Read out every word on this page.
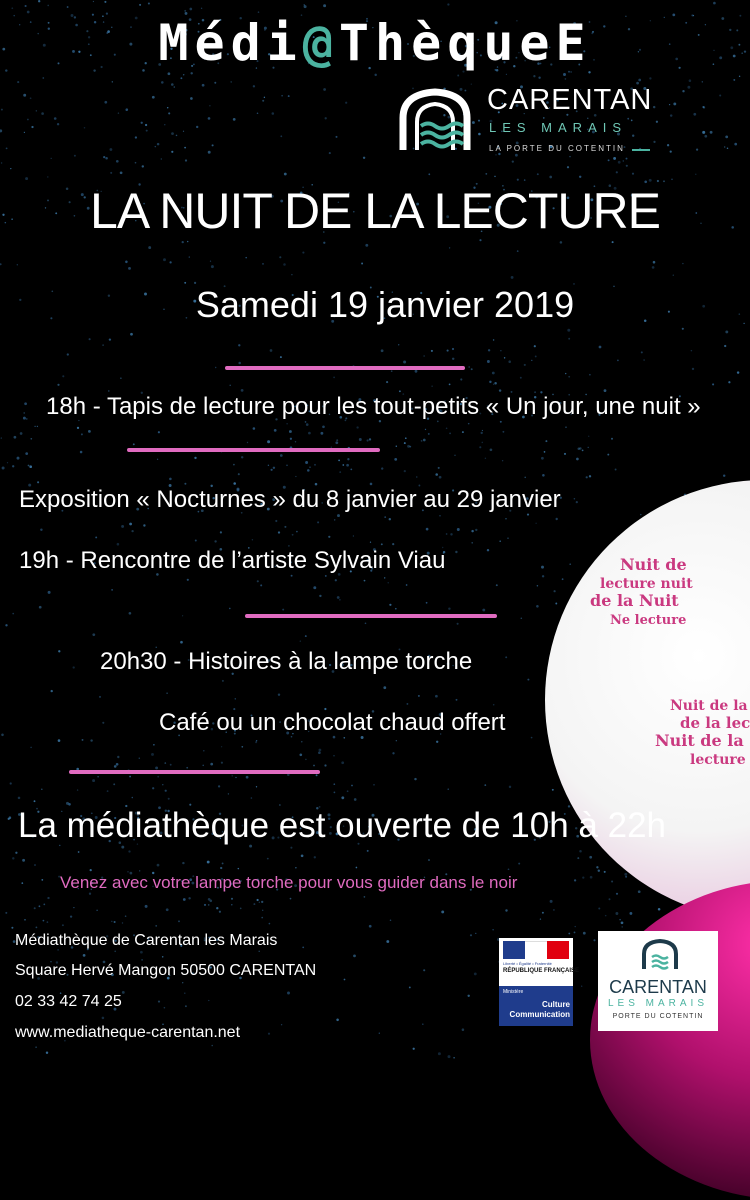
Nuit de
lecture nuit
de la Nuit
Ne lecture
Nuit de la
de la lec
Nuit de la
lecture
Médi@ThèqueE
CARENTAN
LES MARAIS
LA PORTE DU COTENTIN
LA NUIT DE LA LECTURE
Samedi 19 janvier 2019
18h - Tapis de lecture pour les tout-petits « Un jour, une nuit »
Exposition « Nocturnes » du 8 janvier au 29 janvier
19h - Rencontre de l’artiste Sylvain Viau
20h30 - Histoires à la lampe torche
Café ou un chocolat chaud offert
La médiathèque est ouverte de 10h à 22h
Venez avec votre lampe torche pour vous guider dans le noir
Médiathèque de Carentan les Marais
Square Hervé Mangon 50500 CARENTAN
02 33 42 74 25
www.mediatheque-carentan.net
Liberté • Égalité • Fraternité
RÉPUBLIQUE FRANÇAISE
Ministère
Culture
Communication
CARENTAN
LES MARAIS
PORTE DU COTENTIN
